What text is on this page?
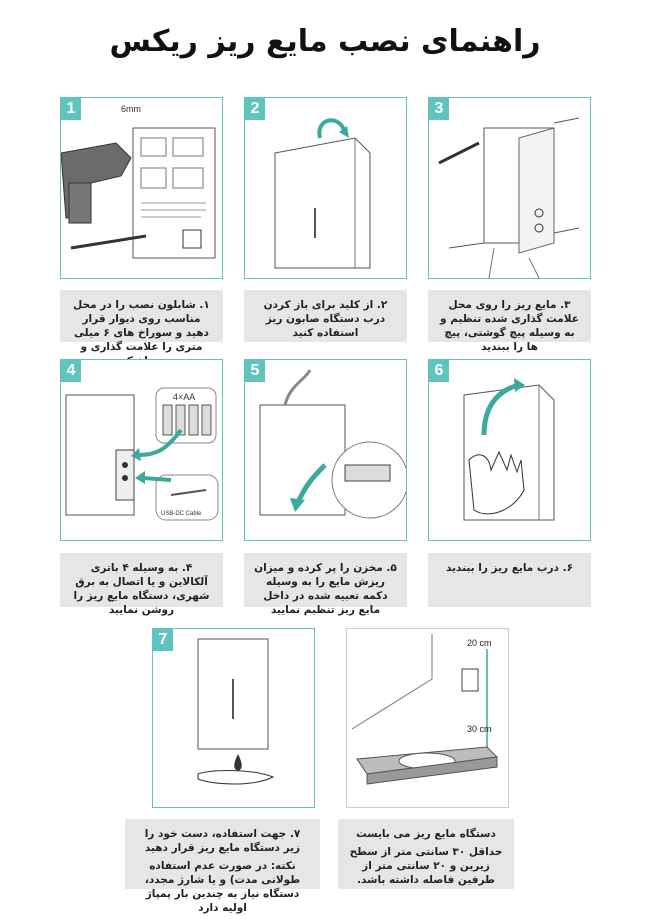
راهنمای نصب مایع ریز ریکس
1	6mm
۱. شابلون نصب را در محل مناسب روی دیوار قرار دهید و سوراخ های ۶ میلی متری را علامت گذاری و
2
۲. از کلید برای باز کردن درب دستگاه صابون ریز استفاده کنید
3
۳. مایع ریز را روی محل علامت گذاری شده تنظیم و به وسیله پیچ گوشتی، پیچ ها را ببندید
4
4×AA
USB-DC Cable
۴. به وسیله ۴ باتری آلکالاین و یا اتصال به برق شهری، دستگاه مایع ریز را روشن نمایید
5
۵. مخزن را پر کرده و میزان ریزش مایع را به وسیله دکمه تعبیه شده در داخل مایع ریز تنظیم نمایید
6
۶. درب مایع ریز را ببندید
7

۷. جهت استفاده، دست خود را زیر دستگاه مایع ریز قرار دهید

نکته: در صورت عدم استفاده طولانی مدت) و یا شارژ مجدد، دستگاه نیاز به چندین بار پمپاژ اولیه دارد

20 cm
30 cm

دستگاه مایع ریز می بایست

حداقل ۳۰ سانتی متر از سطح زیرین و ۲۰ سانتی متر از طرفین فاصله داشته باشد.
